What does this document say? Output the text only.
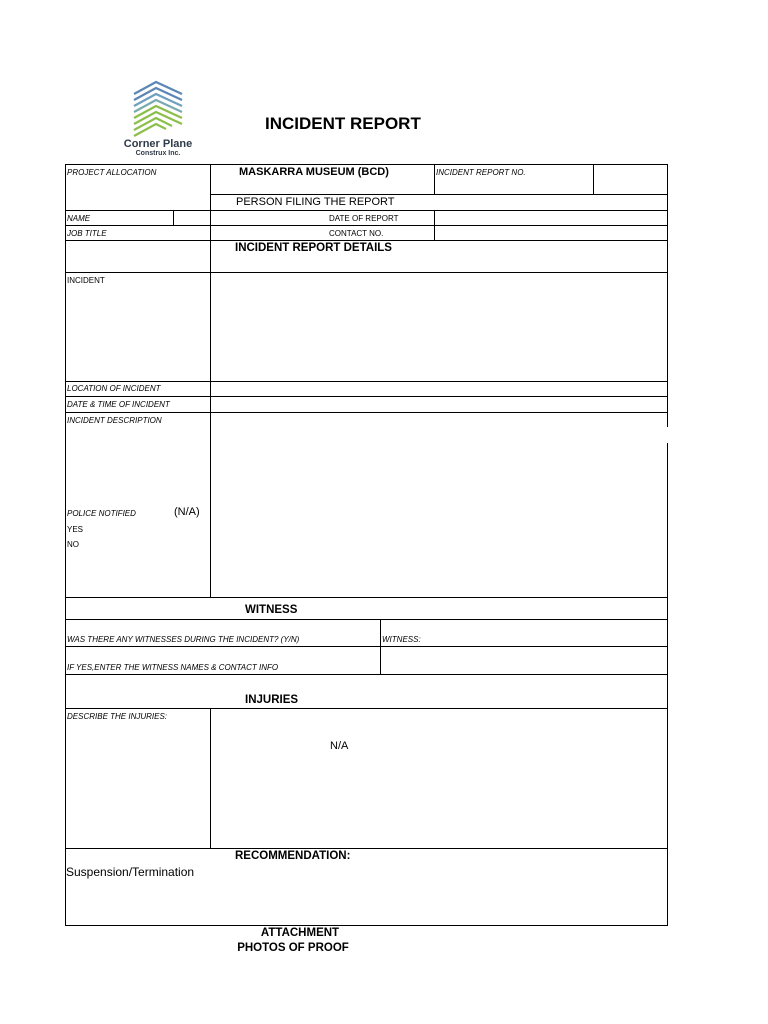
Corner Plane
Construx Inc.
INCIDENT REPORT
PROJECT ALLOCATION	MASKARRA MUSEUM (BCD)	INCIDENT REPORT NO.
PERSON FILING THE REPORT
NAME	DATE OF REPORT
JOB TITLE	CONTACT NO.
INCIDENT REPORT DETAILS
INCIDENT
LOCATION OF INCIDENT
DATE & TIME OF INCIDENT
INCIDENT DESCRIPTION
POLICE NOTIFIED	(N/A)
YES
NO
WITNESS
WAS THERE ANY WITNESSES DURING THE INCIDENT? (Y/N)	WITNESS:
IF YES,ENTER THE WITNESS NAMES & CONTACT INFO
INJURIES
DESCRIBE THE INJURIES:
N/A
RECOMMENDATION:
Suspension/Termination
ATTACHMENT
PHOTOS OF PROOF
